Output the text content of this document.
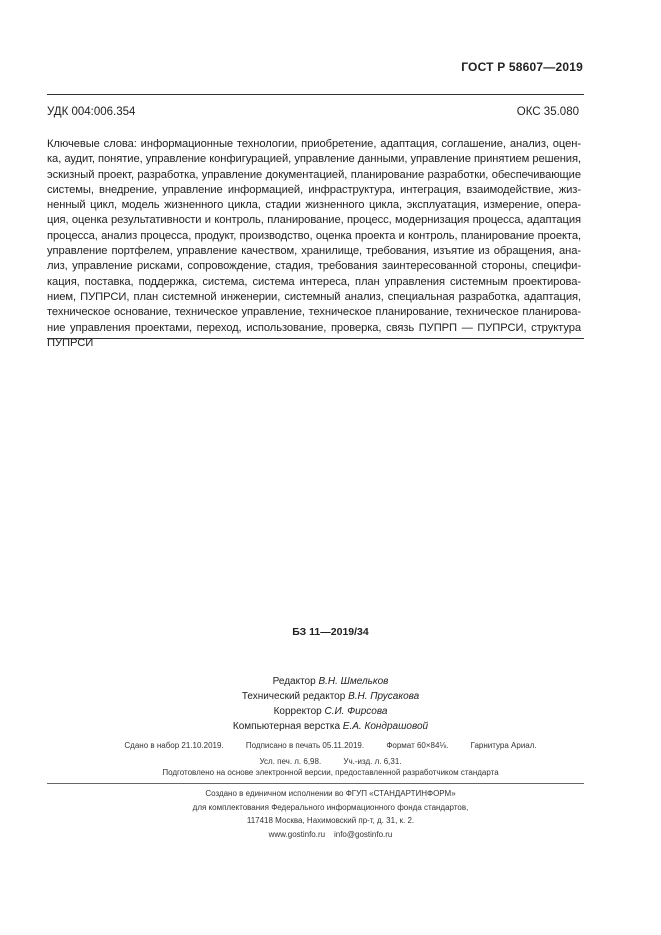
ГОСТ Р 58607—2019
УДК 004:006.354	ОКС 35.080
Ключевые слова: информационные технологии, приобретение, адаптация, соглашение, анализ, оцен-
ка, аудит, понятие, управление конфигурацией, управление данными, управление принятием решения,
эскизный проект, разработка, управление документацией, планирование разработки, обеспечивающие
системы, внедрение, управление информацией, инфраструктура, интеграция, взаимодействие, жиз-
ненный цикл, модель жизненного цикла, стадии жизненного цикла, эксплуатация, измерение, опера-
ция, оценка результативности и контроль, планирование, процесс, модернизация процесса, адаптация
процесса, анализ процесса, продукт, производство, оценка проекта и контроль, планирование проекта,
управление портфелем, управление качеством, хранилище, требования, изъятие из обращения, ана-
лиз, управление рисками, сопровождение, стадия, требования заинтересованной стороны, специфи-
кация, поставка, поддержка, система, система интереса, план управления системным проектирова-
нием, ПУПРСИ, план системной инженерии, системный анализ, специальная разработка, адаптация,
техническое основание, техническое управление, техническое планирование, техническое планирова-
ние управления проектами, переход, использование, проверка, связь ПУПРП — ПУПРСИ, структура
ПУПРСИ
БЗ 11—2019/34
Редактор В.Н. Шмельков
Технический редактор В.Н. Прусакова
Корректор С.И. Фирсова
Компьютерная верстка Е.А. Кондрашовой
Сдано в набор 21.10.2019.	Подписано в печать 05.11.2019.	Формат 60×84⅛.	Гарнитура Ариал.
Усл. печ. л. 6,98.	Уч.-изд. л. 6,31.
Подготовлено на основе электронной версии, предоставленной разработчиком стандарта
Создано в единичном исполнении во ФГУП «СТАНДАРТИНФОРМ»
для комплектования Федерального информационного фонда стандартов,
117418 Москва, Нахимовский пр-т, д. 31, к. 2.
www.gostinfo.ru info@gostinfo.ru
